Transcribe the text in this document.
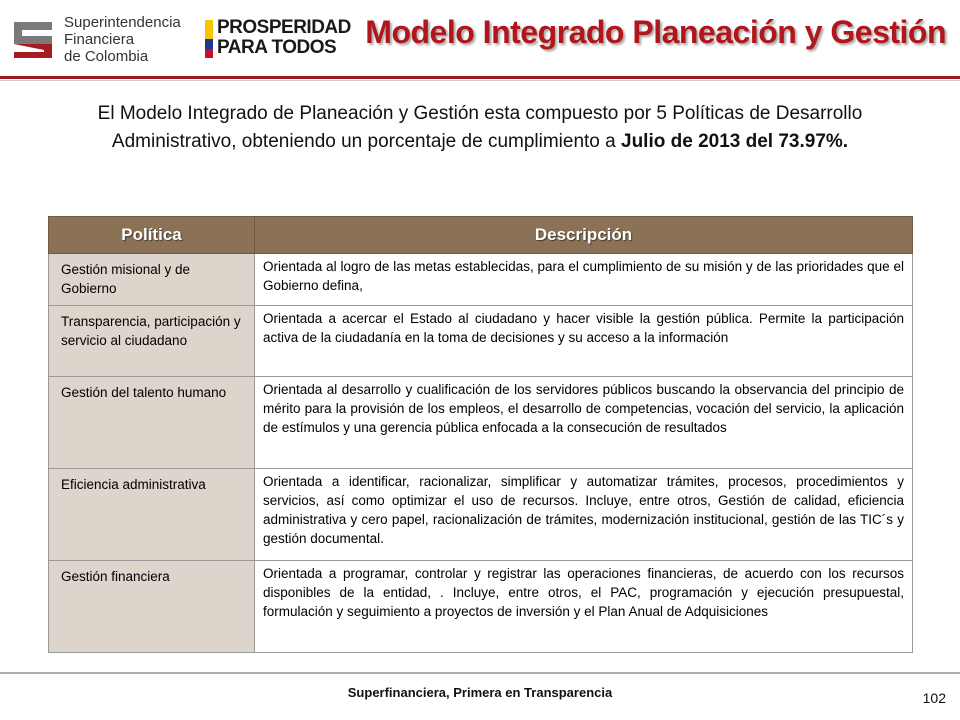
Superintendencia
Financiera
de Colombia
PROSPERIDAD
PARA TODOS Modelo Integrado Planeación y Gestión

El Modelo Integrado de Planeación y Gestión esta compuesto por 5 Políticas de Desarrollo Administrativo, obteniendo un porcentaje de cumplimiento a Julio de 2013 del 73.97%.

Política	Descripción
Gestión misional y de Gobierno	Orientada al logro de las metas establecidas, para el cumplimiento de su misión y de las prioridades que el Gobierno defina,
Transparencia, participación y servicio al ciudadano	Orientada a acercar el Estado al ciudadano y hacer visible la gestión pública. Permite la participación activa de la ciudadanía en la toma de decisiones y su acceso a la información
Gestión del talento humano	Orientada al desarrollo y cualificación de los servidores públicos buscando la observancia del principio de mérito para la provisión de los empleos, el desarrollo de competencias, vocación del servicio, la aplicación de estímulos y una gerencia pública enfocada a la consecución de resultados
Eficiencia administrativa	Orientada a identificar, racionalizar, simplificar y automatizar trámites, procesos, procedimientos y servicios, así como optimizar el uso de recursos. Incluye, entre otros, Gestión de calidad, eficiencia administrativa y cero papel, racionalización de trámites, modernización institucional, gestión de las TIC´s y gestión documental.
Gestión financiera	Orientada a programar, controlar y registrar las operaciones financieras, de acuerdo con los recursos disponibles de la entidad, . Incluye, entre otros, el PAC, programación y ejecución presupuestal, formulación y seguimiento a proyectos de inversión y el Plan Anual de Adquisiciones
Superfinanciera, Primera en Transparencia	102
